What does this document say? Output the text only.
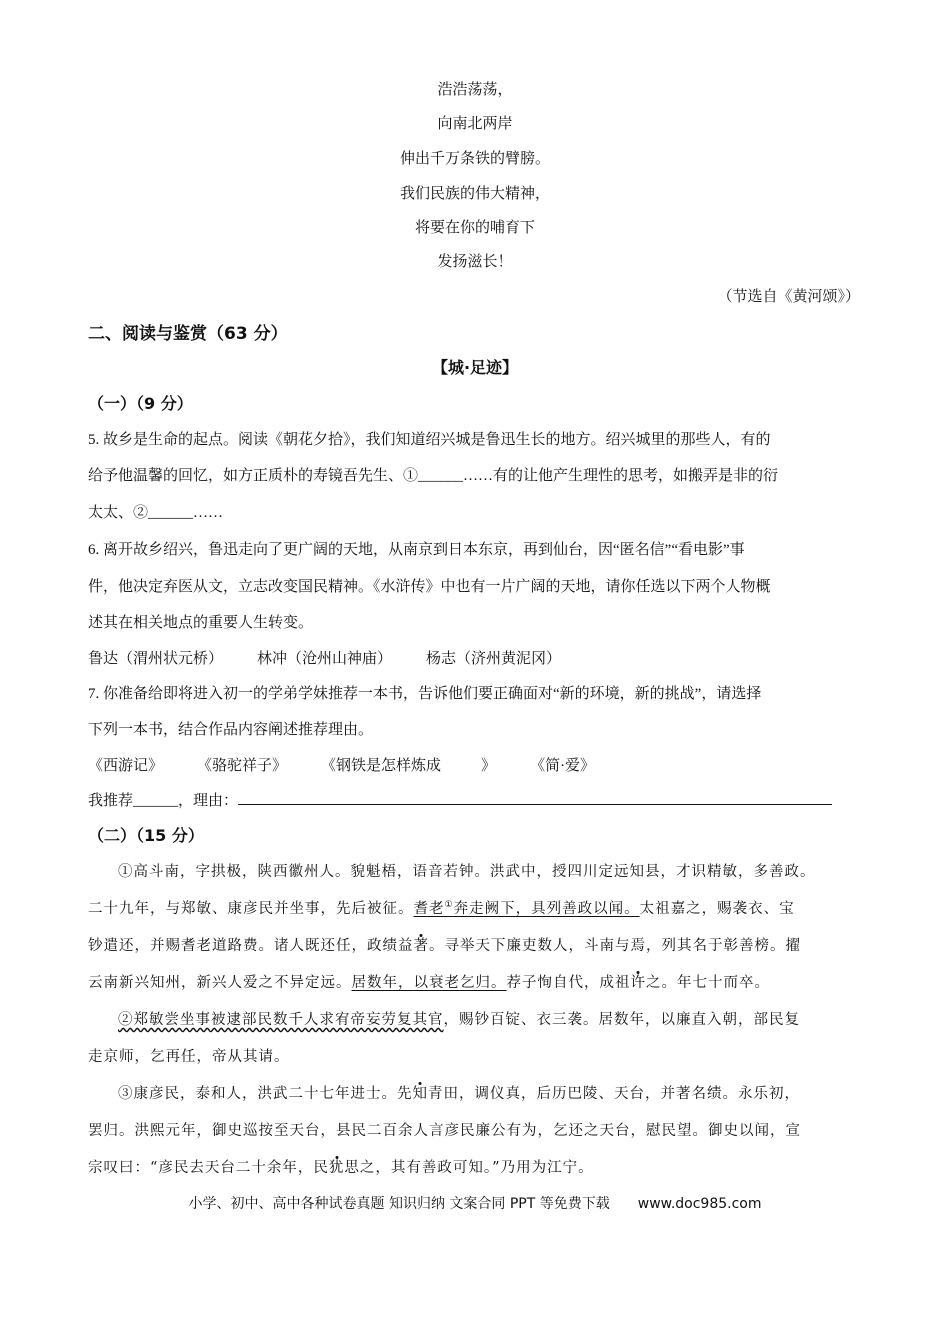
浩浩荡荡，
向南北两岸
伸出千万条铁的臂膀。
我们民族的伟大精神，
将要在你的哺育下
发扬滋长！
（节选自《黄河颂》）
二、阅读与鉴赏（63 分）
【城·足迹】
（一）（9 分）
5. 故乡是生命的起点。阅读《朝花夕拾》，我们知道绍兴城是鲁迅生长的地方。绍兴城里的那些人，有的
给予他温馨的回忆，如方正质朴的寿镜吾先生、①______……有的让他产生理性的思考，如搬弄是非的衍
太太、②______……
6. 离开故乡绍兴，鲁迅走向了更广阔的天地，从南京到日本东京，再到仙台，因“匿名信”“看电影”事
件，他决定弃医从文，立志改变国民精神。《水浒传》中也有一片广阔的天地，请你任选以下两个人物概
述其在相关地点的重要人生转变。
鲁达（渭州状元桥） 林冲（沧州山神庙） 杨志（济州黄泥冈）
7. 你准备给即将进入初一的学弟学妹推荐一本书，告诉他们要正确面对“新的环境，新的挑战”，请选择
下列一本书，结合作品内容阐述推荐理由。
《西游记》 《骆驼祥子》 《钢铁是怎样炼成	》 《简·爱》
我推荐______，理由：
（二）（15 分）
①高斗南，字拱极，陕西徽州人。貌魁梧，语音若钟。洪武中，授四川定远知县，才识精敏，多善政。
二十九年，与郑敏、康彦民并坐事，先后被征。耆老①奔走阙下，具列善政以闻。太祖嘉之，赐袭衣、宝
钞遣还，并赐耆老道路费。诸人既还任，政绩益著。寻举天下廉吏数人，斗南与焉，列其名于彰善榜。擢
云南新兴知州，新兴人爱之不异定远。居数年，以衰老乞归。荐子恂自代，成祖许之。年七十而卒。
②郑敏尝坐事被逮部民数千人求宥帝妄劳复其官，赐钞百锭、衣三袭。居数年，以廉直入朝，部民复
走京师，乞再任，帝从其请。
③康彦民，泰和人，洪武二十七年进士。先知青田，调仪真，后历巴陵、天台，并著名绩。永乐初，
罢归。洪熙元年，御史巡按至天台，县民二百余人言彦民廉公有为，乞还之天台，慰民望。御史以闻，宣
宗叹曰：“彦民去天台二十余年，民犹思之，其有善政可知。”乃用为江宁。
小学、初中、高中各种试卷真题 知识归纳 文案合同 PPT 等免费下载 www.doc985.com
